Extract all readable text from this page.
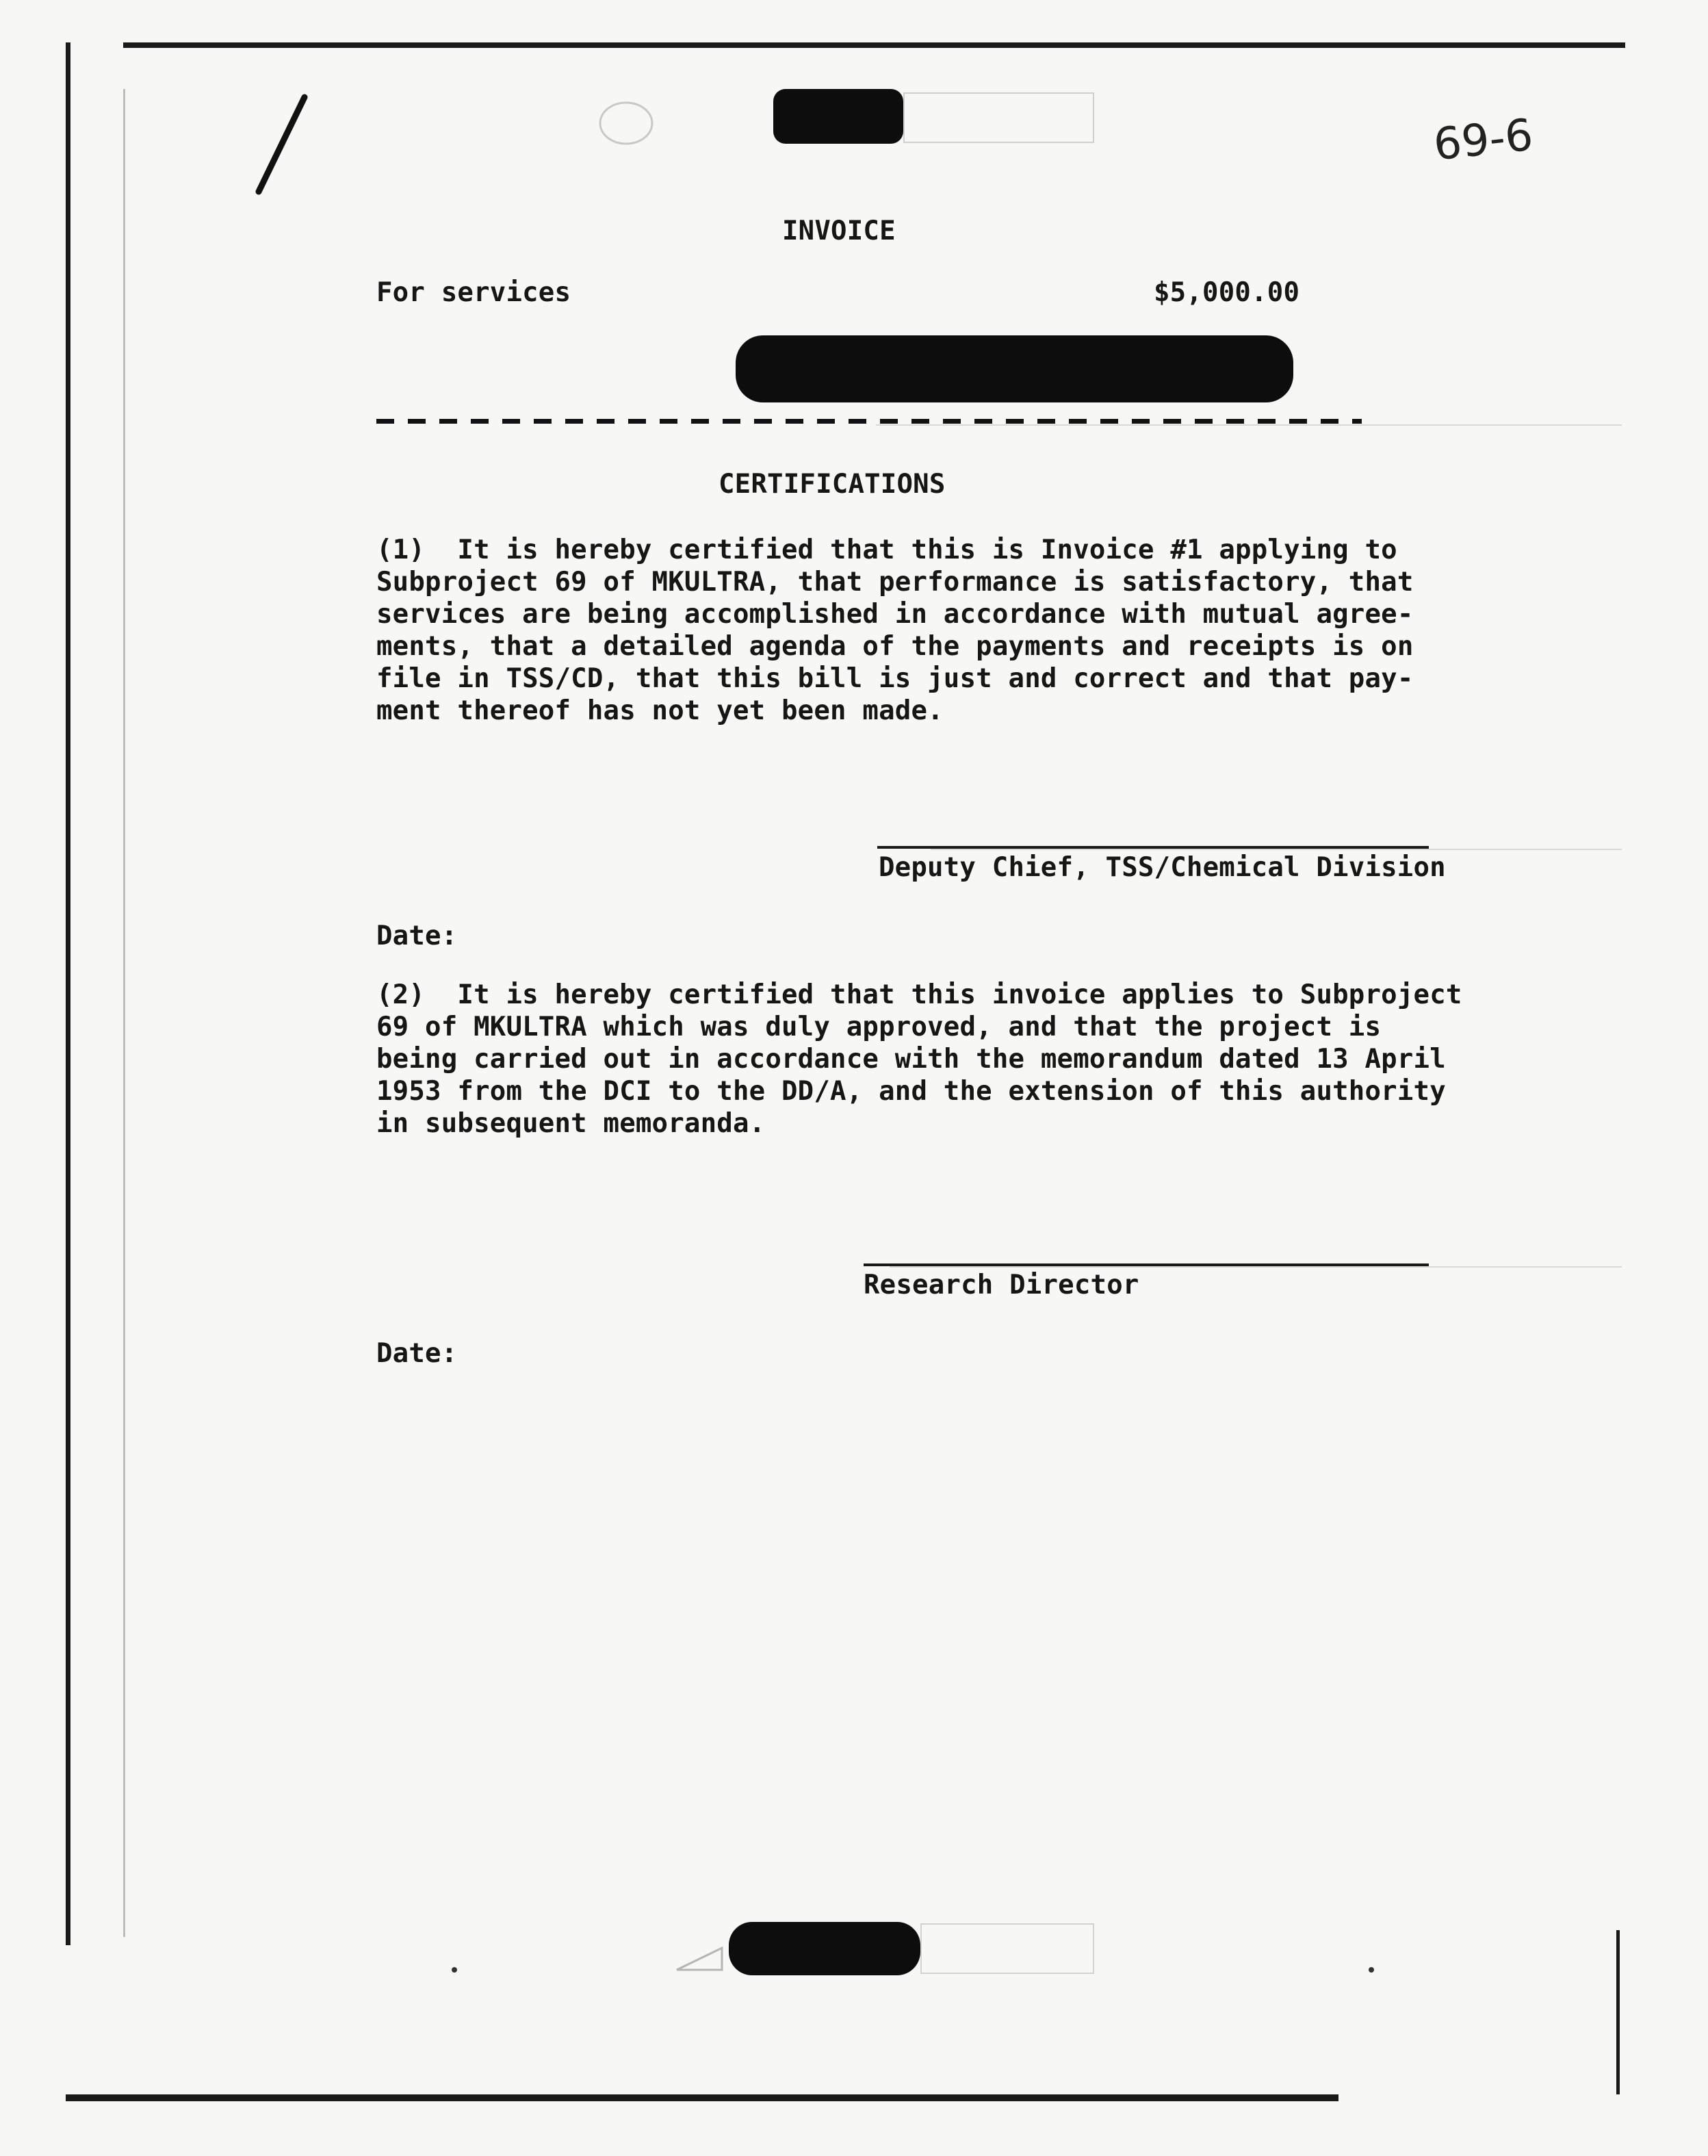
69-6
INVOICE
For services	$5,000.00
CERTIFICATIONS
(1)  It is hereby certified that this is Invoice #1 applying to
Subproject 69 of MKULTRA, that performance is satisfactory, that
services are being accomplished in accordance with mutual agree-
ments, that a detailed agenda of the payments and receipts is on
file in TSS/CD, that this bill is just and correct and that pay-
ment thereof has not yet been made.
Deputy Chief, TSS/Chemical Division
Date:
(2)  It is hereby certified that this invoice applies to Subproject
69 of MKULTRA which was duly approved, and that the project is
being carried out in accordance with the memorandum dated 13 April
1953 from the DCI to the DD/A, and the extension of this authority
in subsequent memoranda.
Research Director
Date:
